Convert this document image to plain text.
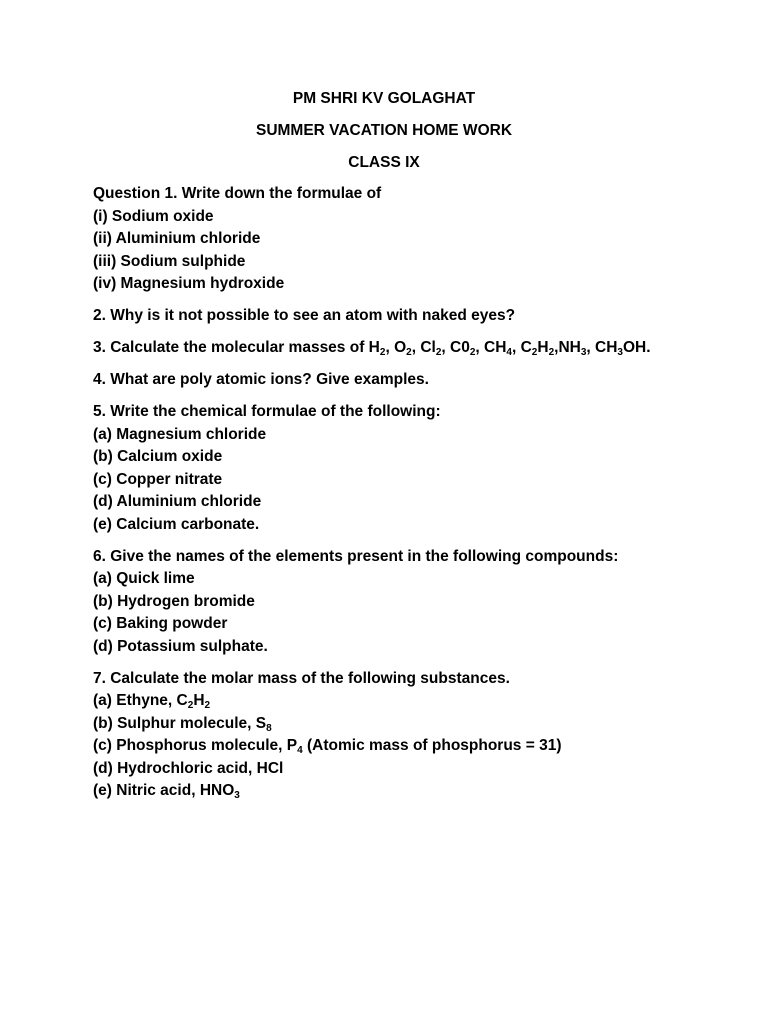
PM SHRI KV GOLAGHAT
SUMMER VACATION HOME WORK
CLASS IX
Question 1. Write down the formulae of
(i) Sodium oxide
(ii) Aluminium chloride
(iii) Sodium sulphide
(iv) Magnesium hydroxide
2. Why is it not possible to see an atom with naked eyes?
3. Calculate the molecular masses of $H_2$, $O_2$, $Cl_2$, $C0_2$, $CH_4$, $C_2H_2,NH_3$, $CH_3OH$.
4. What are poly atomic ions? Give examples.
5. Write the chemical formulae of the following:
(a) Magnesium chloride
(b) Calcium oxide
(c) Copper nitrate
(d) Aluminium chloride
(e) Calcium carbonate.
6. Give the names of the elements present in the following compounds:
(a) Quick lime
(b) Hydrogen bromide
(c) Baking powder
(d) Potassium sulphate.
7. Calculate the molar mass of the following substances.
(a) Ethyne, $C_2H_2$
(b) Sulphur molecule, $S_8$
(c) Phosphorus molecule, $P_4$ (Atomic mass of phosphorus = 31)
(d) Hydrochloric acid, HCl
(e) Nitric acid, $HNO_3$
